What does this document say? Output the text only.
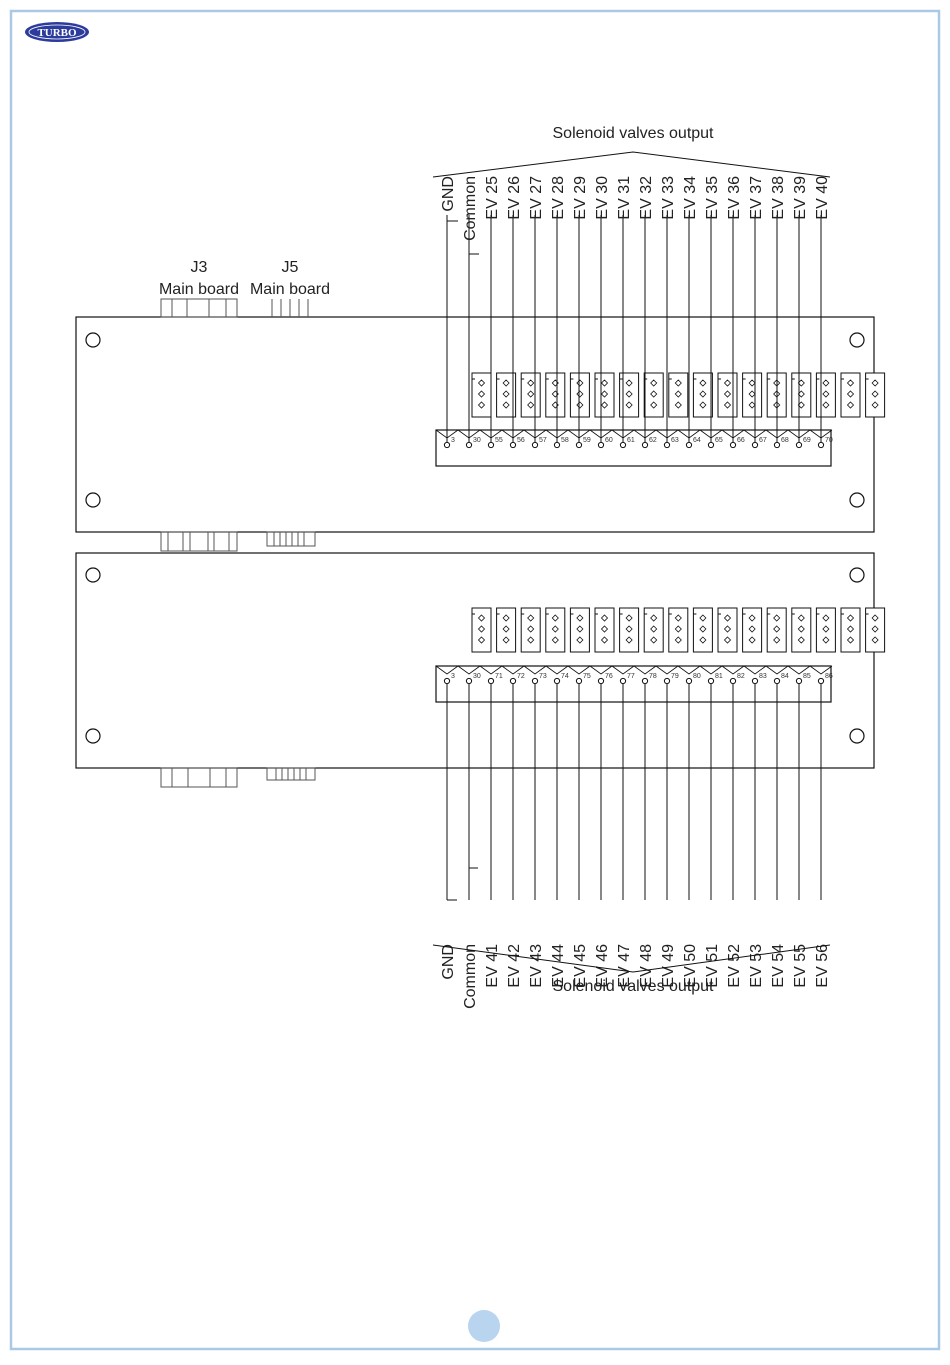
TURBO
Solenoid valves output
J3
Main board
J5
Main board
3	30 55 56 57 58 59 60 61 62 63 64 65 66 67 68 69 70
3	30 71 72 73 74 75 76 77 78 79 80 81 82 83 84 85 86
GND Common EV 25 EV 26 EV 27 EV 28 EV 29 EV 30 EV 31 EV 32 EV 33 EV 34 EV 35 EV 36 EV 37 EV 38 EV 39 EV 40
GND Common EV 41 EV 42 EV 43 EV 44 EV 45 EV 46 EV 47 EV 48 EV 49 EV 50 EV 51 EV 52 EV 53 EV 54 EV 55 EV 56
Solenoid valves output
